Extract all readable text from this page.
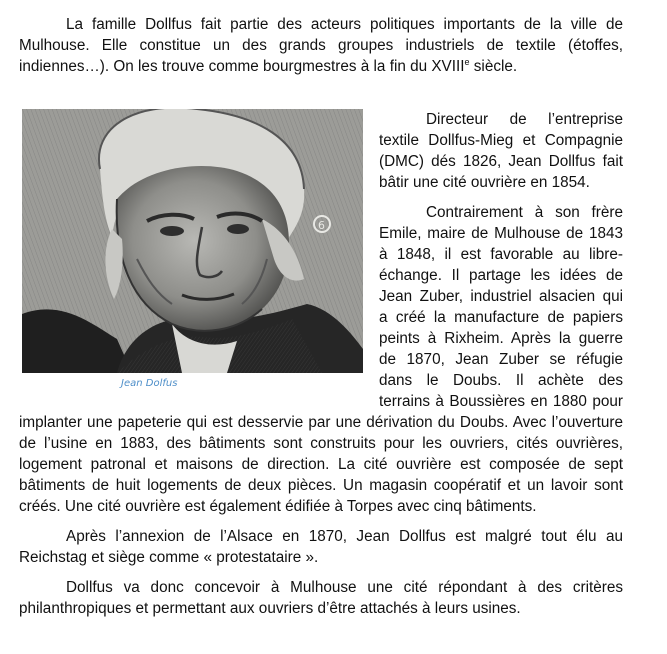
La famille Dollfus fait partie des acteurs politiques importants de la ville de Mulhouse. Elle constitue un des grands groupes industriels de textile (étoffes, indiennes…). On les trouve comme bourgmestres à la fin du XVIIIe siècle.

6
Jean Dolfus

Directeur de l’entreprise textile Dollfus-Mieg et Compagnie (DMC) dés 1826, Jean Dollfus fait bâtir une cité ouvrière en 1854.

Contrairement à son frère Emile, maire de Mulhouse de 1843 à 1848, il est favorable au libre-échange. Il partage les idées de Jean Zuber, industriel alsacien qui a créé la manufacture de papiers peints à Rixheim. Après la guerre de 1870, Jean Zuber se réfugie dans le Doubs. Il achète des terrains à Boussières en 1880 pour implanter une papeterie qui est desservie par une dérivation du Doubs. Avec l’ouverture de l’usine en 1883, des bâtiments sont construits pour les ouvriers, cités ouvrières, logement patronal et maisons de direction. La cité ouvrière est composée de sept bâtiments de huit logements de deux pièces. Un magasin coopératif et un lavoir sont créés. Une cité ouvrière est également édifiée à Torpes avec cinq bâtiments.

Après l’annexion de l’Alsace en 1870, Jean Dollfus est malgré tout élu au Reichstag et siège comme « protestataire ».

Dollfus va donc concevoir à Mulhouse une cité répondant à des critères philanthropiques et permettant aux ouvriers d’être attachés à leurs usines.
